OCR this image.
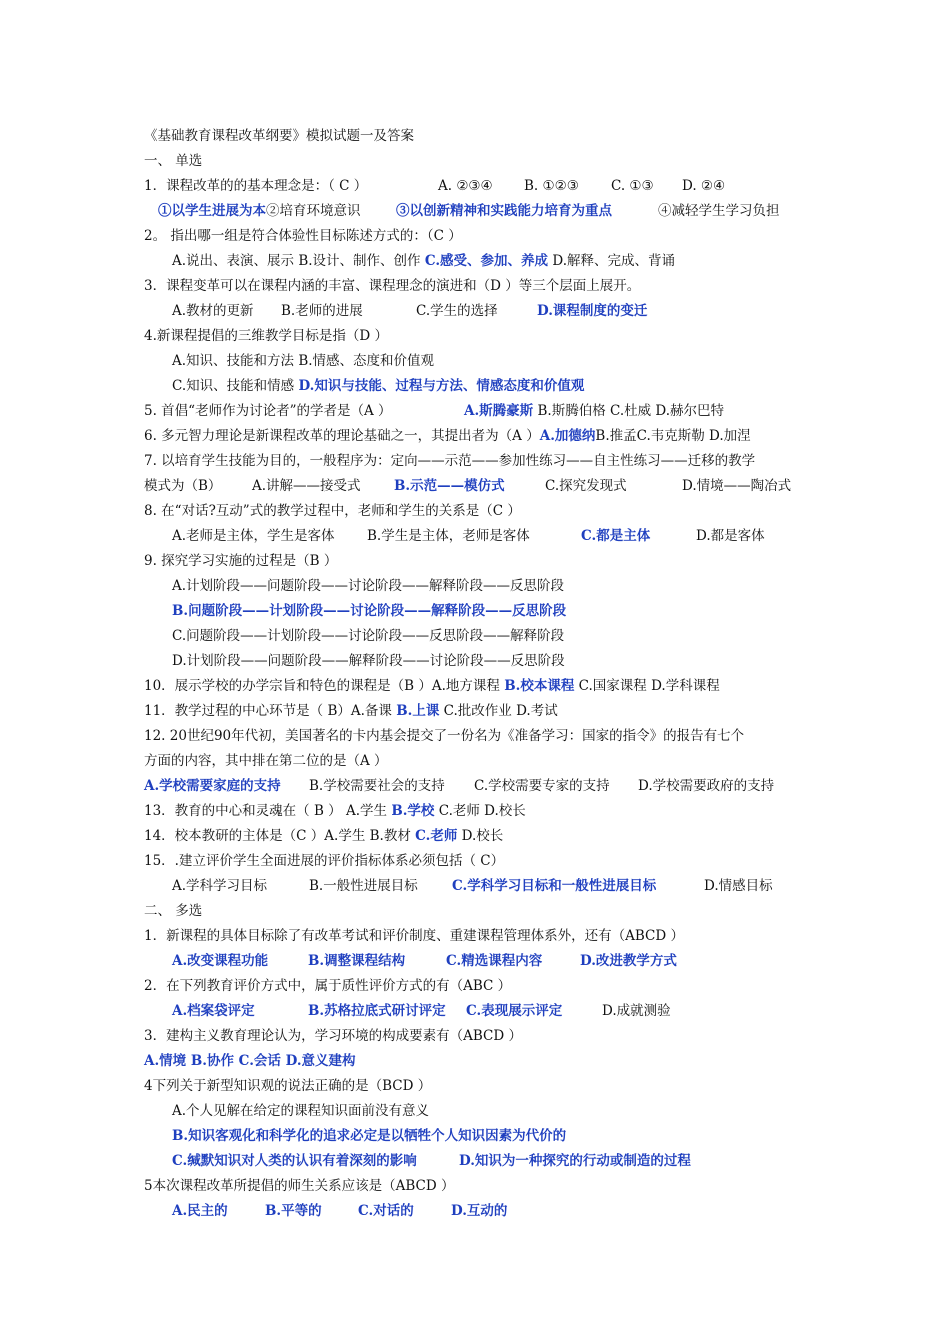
《基础教育课程改革纲要》模拟试题一及答案
一、 单选
1．课程改革的的基本理念是：（ C ）	A. ②③④ B. ①②③ C. ①③ D. ②④
①以学生进展为本②培育环境意识	③以创新精神和实践能力培育为重点	④减轻学生学习负担
2。 指出哪一组是符合体验性目标陈述方式的：（C ）
A.说出、表演、展示 B.设计、制作、创作 C.感受、参加、养成 D.解释、完成、背诵
3．课程变革可以在课程内涵的丰富、课程理念的演进和（D ）等三个层面上展开。
A.教材的更新 B.老师的进展	C.学生的选择	D.课程制度的变迁
4.新课程提倡的三维教学目标是指（D ）
A.知识、技能和方法 B.情感、态度和价值观
C.知识、技能和情感 D.知识与技能、过程与方法、情感态度和价值观
5. 首倡“老师作为讨论者”的学者是（A ）	A.斯腾豪斯 B.斯腾伯格 C.杜威 D.赫尔巴特
6. 多元智力理论是新课程改革的理论基础之一，其提出者为（A ）A.加德纳B.推孟C.韦克斯勒 D.加涅
7. 以培育学生技能为目的，一般程序为：定向——示范——参加性练习——自主性练习——迁移的教学
模式为（B） A.讲解——接受式 B.示范——模仿式	C.探究发现式	D.情境——陶冶式
8. 在“对话?互动”式的教学过程中，老师和学生的关系是（C ）
A.老师是主体，学生是客体 B.学生是主体，老师是客体	C.都是主体	D.都是客体
9. 探究学习实施的过程是（B ）
A.计划阶段——问题阶段——讨论阶段——解释阶段——反思阶段
B.问题阶段——计划阶段——讨论阶段——解释阶段——反思阶段
C.问题阶段——计划阶段——讨论阶段——反思阶段——解释阶段
D.计划阶段——问题阶段——解释阶段——讨论阶段——反思阶段
10．展示学校的办学宗旨和特色的课程是（B ）A.地方课程 B.校本课程 C.国家课程 D.学科课程
11．教学过程的中心环节是（ B）A.备课 B.上课 C.批改作业 D.考试
12. 20世纪90年代初，美国著名的卡内基会提交了一份名为《准备学习：国家的指令》的报告有七个
方面的内容，其中排在第二位的是（A ）
A.学校需要家庭的支持 B.学校需要社会的支持 C.学校需要专家的支持 D.学校需要政府的支持
13．教育的中心和灵魂在（ B ） A.学生 B.学校 C.老师 D.校长
14．校本教研的主体是（C ）A.学生 B.教材 C.老师 D.校长
15．.建立评价学生全面进展的评价指标体系必须包括（ C）
A.学科学习目标	B.一般性进展目标	C.学科学习目标和一般性进展目标	D.情感目标
二、 多选
1．新课程的具体目标除了有改革考试和评价制度、重建课程管理体系外，还有（ABCD ）
A.改变课程功能	B.调整课程结构	C.精选课程内容	D.改进教学方式
2．在下列教育评价方式中，属于质性评价方式的有（ABC ）
A.档案袋评定	B.苏格拉底式研讨评定 C.表现展示评定	D.成就测验
3．建构主义教育理论认为，学习环境的构成要素有（ABCD ）
A.情境 B.协作 C.会话 D.意义建构
4下列关于新型知识观的说法正确的是（BCD ）
A.个人见解在给定的课程知识面前没有意义
B.知识客观化和科学化的追求必定是以牺牲个人知识因素为代价的
C.缄默知识对人类的认识有着深刻的影响	D.知识为一种探究的行动或制造的过程
5本次课程改革所提倡的师生关系应该是（ABCD ）
A.民主的	B.平等的	C.对话的	D.互动的
